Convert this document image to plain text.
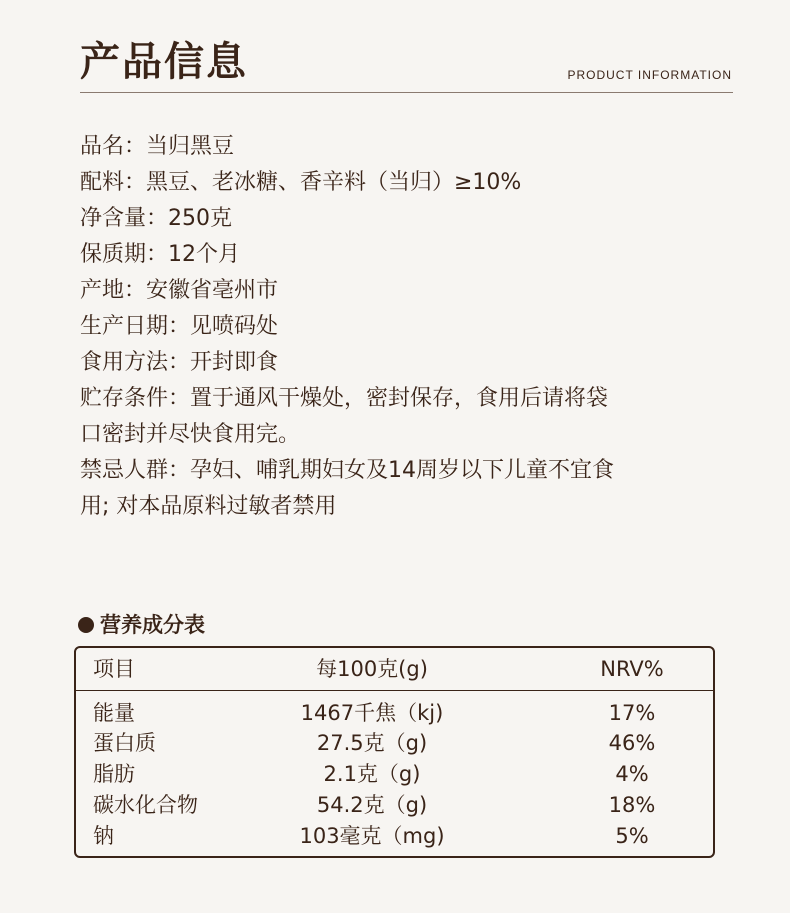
产品信息	PRODUCT INFORMATION
品名：当归黑豆
配料：黑豆、老冰糖、香辛料（当归）≥10%
净含量：250克
保质期：12个月
产地：安徽省亳州市
生产日期：见喷码处
食用方法：开封即食
贮存条件：置于通风干燥处，密封保存，食用后请将袋
口密封并尽快食用完。
禁忌人群：孕妇、哺乳期妇女及14周岁以下儿童不宜食
用; 对本品原料过敏者禁用
营养成分表
项目	每100克(g)	NRV%
能量	1467千焦（kj)	17%
蛋白质	27.5克（g)	46%
脂肪	2.1克（g)	4%
碳水化合物	54.2克（g)	18%
钠	103毫克（mg)	5%
